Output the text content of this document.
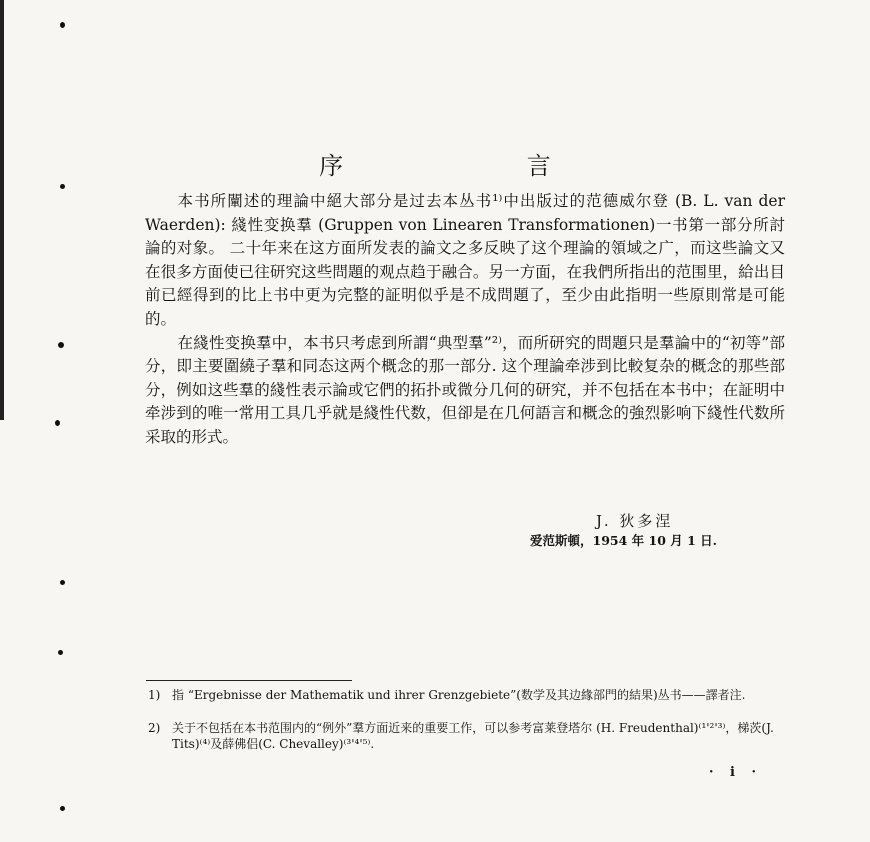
序 言

本书所闡述的理論中絕大部分是过去本丛书¹⁾中出版过的范德威尔登 (B. L. van der Waerden): 綫性变换羣 (Gruppen von Linearen Transformationen)一书第一部分所討論的对象。 二十年来在这方面所发表的論文之多反映了这个理論的領域之广，而这些論文又在很多方面使已往研究这些問題的观点趋于融合。另一方面，在我們所指出的范围里，給出目前已經得到的比上书中更为完整的証明似乎是不成問題了，至少由此指明一些原則常是可能的。

在綫性变换羣中，本书只考虑到所謂“典型羣”²⁾，而所研究的問題只是羣論中的“初等”部分，即主要圍繞子羣和同态这两个概念的那一部分. 这个理論牵涉到比較复杂的概念的那些部分，例如这些羣的綫性表示論或它們的拓扑或微分几何的研究，并不包括在本书中；在証明中牵涉到的唯一常用工具几乎就是綫性代数，但卻是在几何語言和概念的強烈影响下綫性代数所采取的形式。

J. 狄多涅
爱范斯頓，1954 年 10 月 1 日.
1) 指 “Ergebnisse der Mathematik und ihrer Grenzgebiete”(数学及其边緣部門的結果)丛书——譯者注.
2) 关于不包括在本书范围内的“例外”羣方面近来的重要工作，可以参考富莱登塔尔 (H. Freudenthal)⁽¹'²'³⁾，梯茨(J. Tits)⁽⁴⁾及薛佛侣(C. Chevalley)⁽³'⁴'⁵⁾.
· i ·
